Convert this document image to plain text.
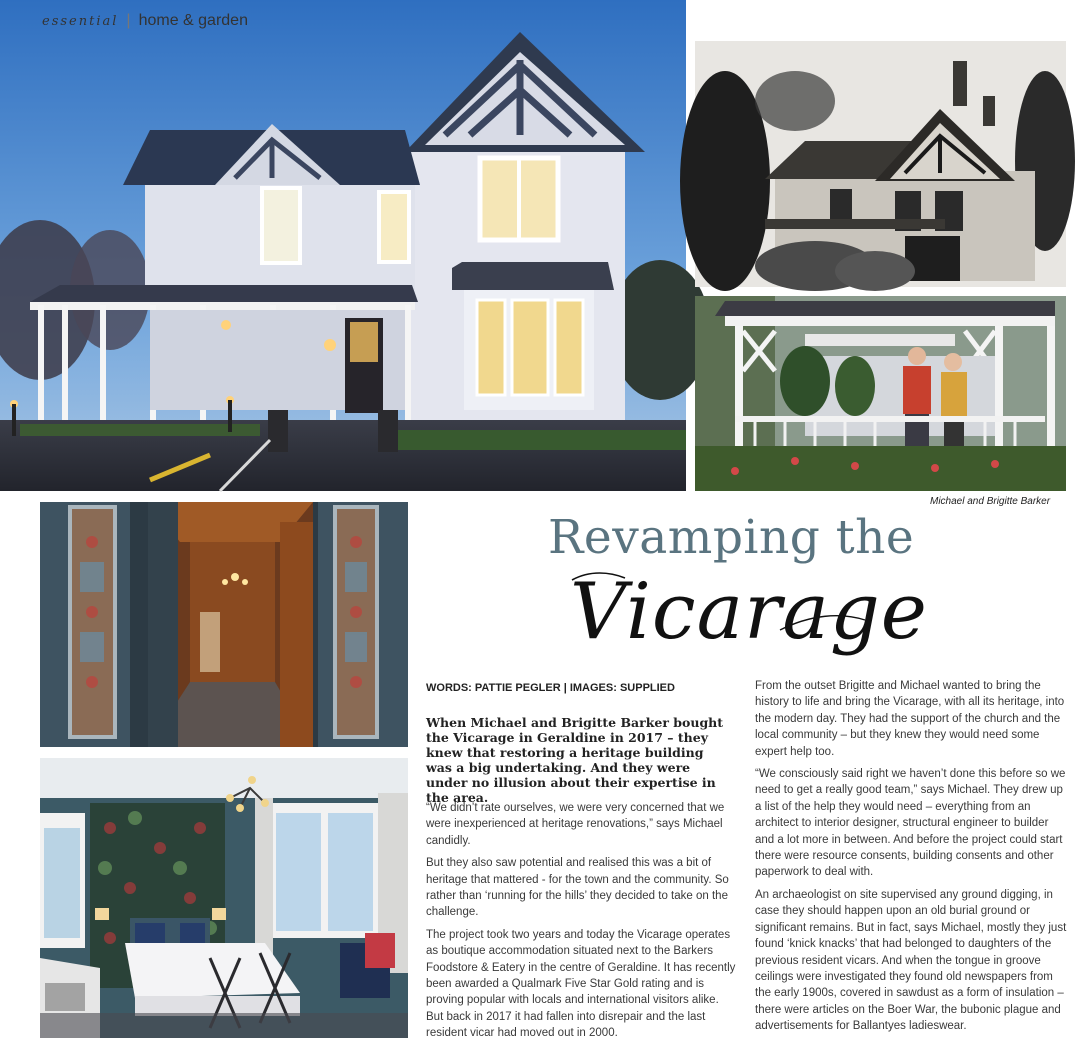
essential | home & garden
Michael and Brigitte Barker
Revamping the
Vicarage
WORDS: PATTIE PEGLER | IMAGES: SUPPLIED

When Michael and Brigitte Barker bought the Vicarage in Geraldine in 2017 – they knew that restoring a heritage building was a big undertaking. And they were under no illusion about their expertise in the area.

“We didn’t rate ourselves, we were very concerned that we were inexperienced at heritage renovations,” says Michael candidly.

But they also saw potential and realised this was a bit of heritage that mattered - for the town and the community. So rather than ‘running for the hills’ they decided to take on the challenge.

The project took two years and today the Vicarage operates as boutique accommodation situated next to the Barkers Foodstore & Eatery in the centre of Geraldine. It has recently been awarded a Qualmark Five Star Gold rating and is proving popular with locals and international visitors alike. But back in 2017 it had fallen into disrepair and the last resident vicar had moved out in 2000.

From the outset Brigitte and Michael wanted to bring the history to life and bring the Vicarage, with all its heritage, into the modern day. They had the support of the church and the local community – but they knew they would need some expert help too.

“We consciously said right we haven’t done this before so we need to get a really good team,” says Michael. They drew up a list of the help they would need – everything from an architect to interior designer, structural engineer to builder and a lot more in between. And before the project could start there were resource consents, building consents and other paperwork to deal with.

An archaeologist on site supervised any ground digging, in case they should happen upon an old burial ground or significant remains. But in fact, says Michael, mostly they just found ‘knick knacks’ that had belonged to daughters of the previous resident vicars. And when the tongue in groove ceilings were investigated they found old newspapers from the early 1900s, covered in sawdust as a form of insulation – there were articles on the Boer War, the bubonic plague and advertisements for Ballantyes ladieswear.
